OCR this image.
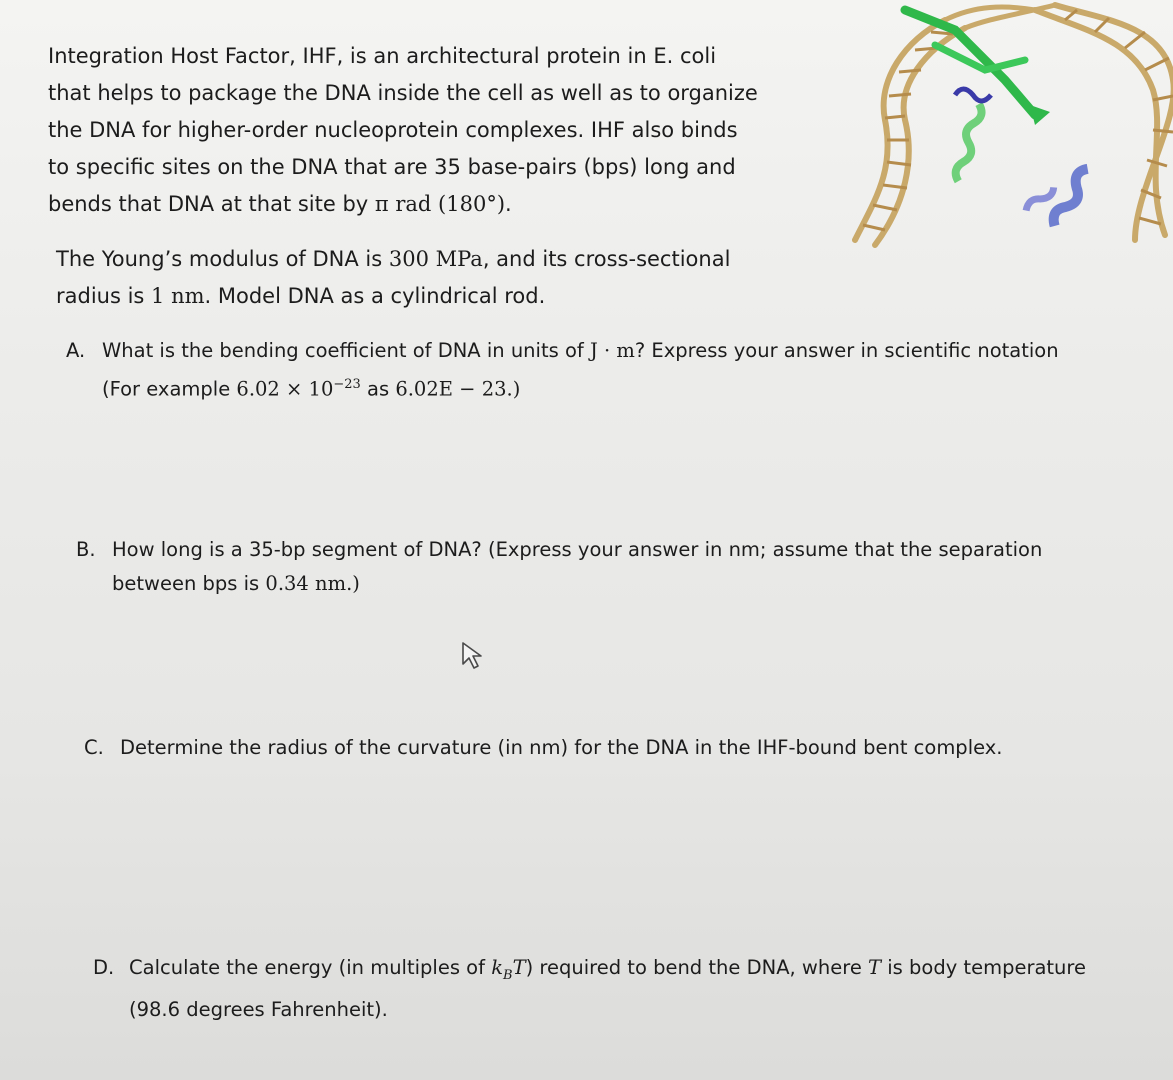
Integration Host Factor, IHF, is an architectural protein in E. coli
that helps to package the DNA inside the cell as well as to organize
the DNA for higher-order nucleoprotein complexes. IHF also binds
to specific sites on the DNA that are 35 base-pairs (bps) long and
bends that DNA at that site by π rad (180°).
The Young’s modulus of DNA is 300 MPa, and its cross-sectional
radius is 1 nm. Model DNA as a cylindrical rod.
A. What is the bending coefficient of DNA in units of J · m? Express your answer in scientific notation
(For example $6.02 \times 10^{-23}$ as 6.02E − 23.)
B. How long is a 35-bp segment of DNA? (Express your answer in nm; assume that the separation
between bps is 0.34 nm.)
C. Determine the radius of the curvature (in nm) for the DNA in the IHF-bound bent complex.
D. Calculate the energy (in multiples of $k_BT$) required to bend the DNA, where T is body temperature
(98.6 degrees Fahrenheit).
